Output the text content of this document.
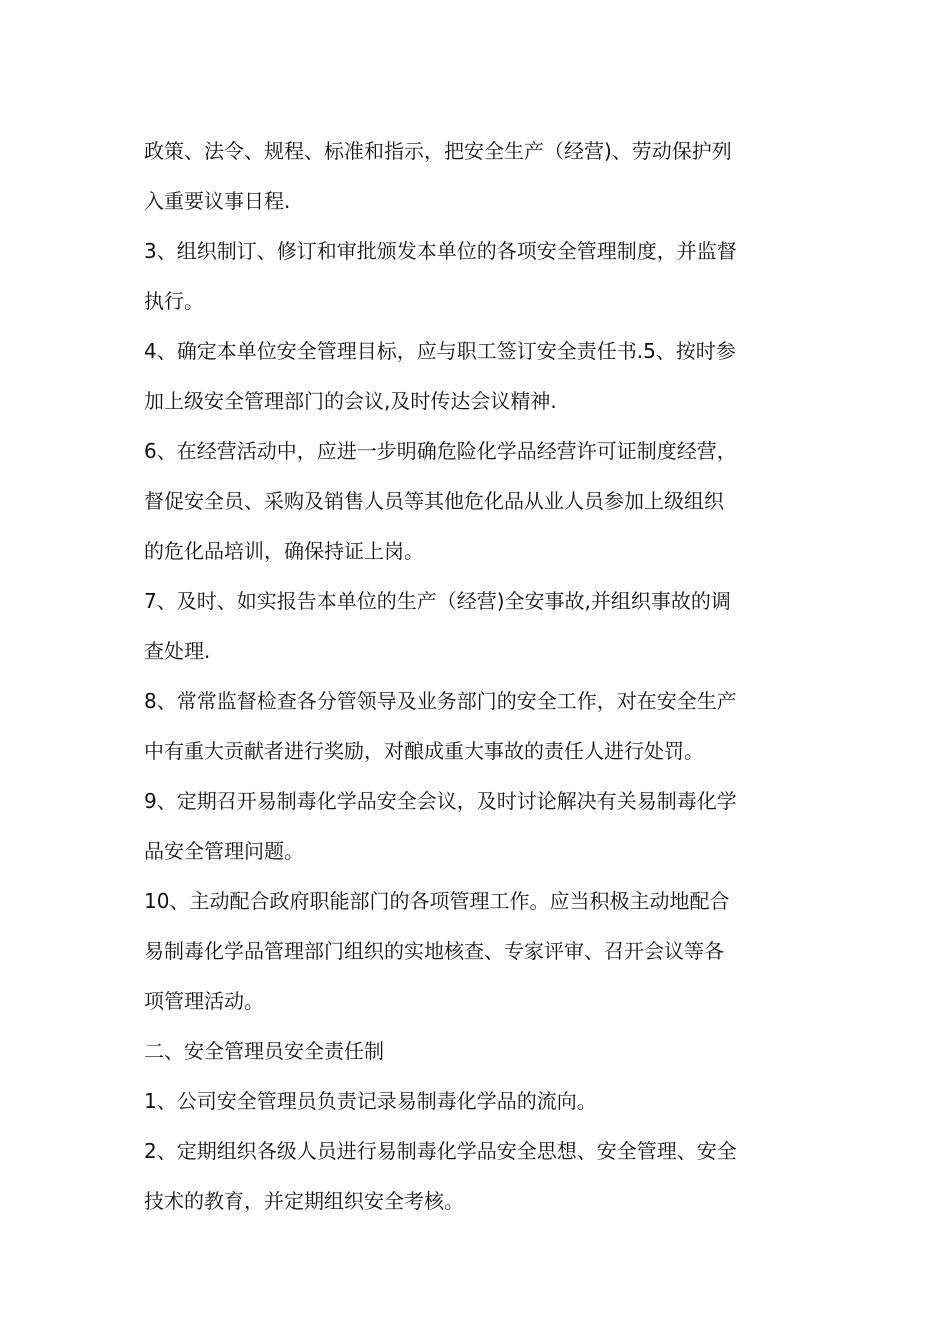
政策、法令、规程、标准和指示，把安全生产（经营)、劳动保护列
入重要议事日程.
3、组织制订、修订和审批颁发本单位的各项安全管理制度，并监督
执行。
4、确定本单位安全管理目标，应与职工签订安全责任书.5、按时参
加上级安全管理部门的会议,及时传达会议精神.
6、在经营活动中，应进一步明确危险化学品经营许可证制度经营，
督促安全员、采购及销售人员等其他危化品从业人员参加上级组织
的危化品培训，确保持证上岗。
7、及时、如实报告本单位的生产（经营)全安事故,并组织事故的调
查处理.
8、常常监督检查各分管领导及业务部门的安全工作，对在安全生产
中有重大贡献者进行奖励，对酿成重大事故的责任人进行处罚。
9、定期召开易制毒化学品安全会议，及时讨论解决有关易制毒化学
品安全管理问题。
10、主动配合政府职能部门的各项管理工作。应当积极主动地配合
易制毒化学品管理部门组织的实地核查、专家评审、召开会议等各
项管理活动。
二、安全管理员安全责任制
1、公司安全管理员负责记录易制毒化学品的流向。
2、定期组织各级人员进行易制毒化学品安全思想、安全管理、安全
技术的教育，并定期组织安全考核。
